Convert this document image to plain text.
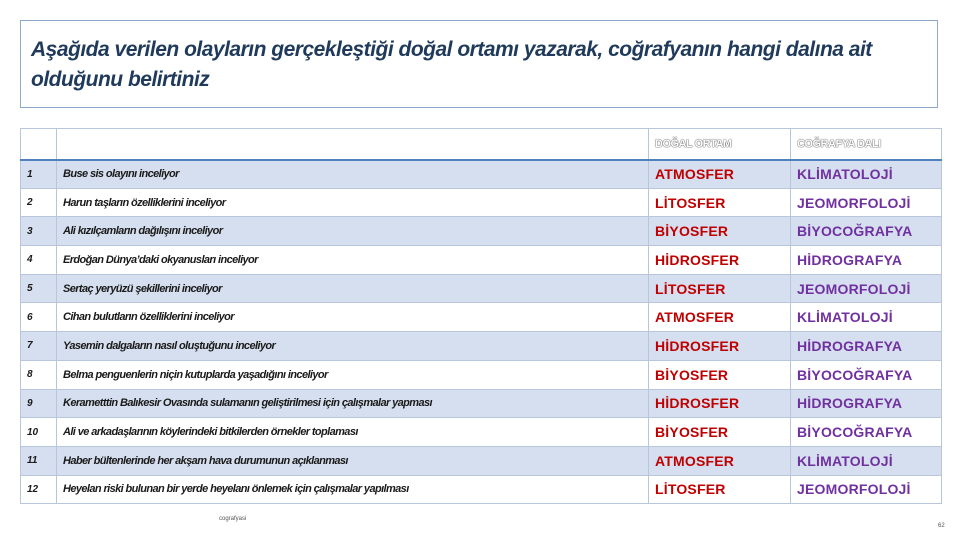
Aşağıda verilen olayların gerçekleştiği doğal ortamı yazarak, coğrafyanın hangi dalına ait olduğunu belirtiniz

		DOĞAL ORTAM	COĞRAFYA DALI
1	Buse sis olayını inceliyor	ATMOSFER	KLİMATOLOJİ
2	Harun taşların özelliklerini inceliyor	LİTOSFER	JEOMORFOLOJİ
3	Ali kızılçamların dağılışını inceliyor	BİYOSFER	BİYOCOĞRAFYA
4	Erdoğan Dünya’daki okyanusları inceliyor	HİDROSFER	HİDROGRAFYA
5	Sertaç yeryüzü şekillerini inceliyor	LİTOSFER	JEOMORFOLOJİ
6	Cihan bulutların özelliklerini inceliyor	ATMOSFER	KLİMATOLOJİ
7	Yasemin dalgaların nasıl oluştuğunu inceliyor	HİDROSFER	HİDROGRAFYA
8	Belma penguenlerin niçin kutuplarda yaşadığını inceliyor	BİYOSFER	BİYOCOĞRAFYA
9	Kerametttin Balıkesir Ovasında sulamanın geliştirilmesi için çalışmalar yapması	HİDROSFER	HİDROGRAFYA
10	Ali ve arkadaşlarının köylerindeki bitkilerden örnekler toplaması	BİYOSFER	BİYOCOĞRAFYA
11	Haber bültenlerinde her akşam hava durumunun açıklanması	ATMOSFER	KLİMATOLOJİ
12	Heyelan riski bulunan bir yerde heyelanı önlemek için çalışmalar yapılması	LİTOSFER	JEOMORFOLOJİ
cografyasi
62
